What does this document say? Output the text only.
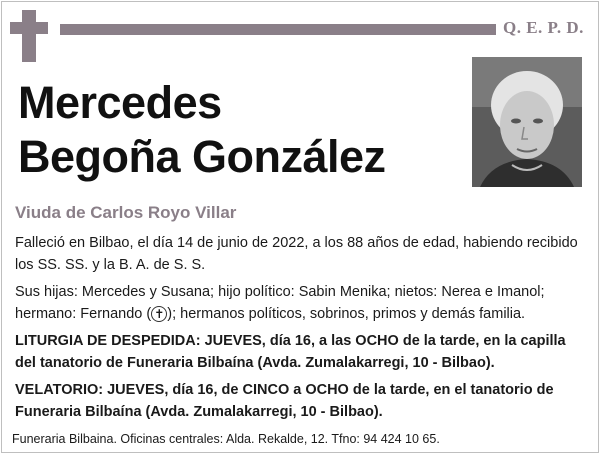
Q. E. P. D.
Mercedes
Begoña González
Viuda de Carlos Royo Villar
Falleció en Bilbao, el día 14 de junio de 2022, a los 88 años de edad, habiendo recibido los SS. SS. y la B. A. de S. S.
Sus hijas: Mercedes y Susana; hijo político: Sabin Menika; nietos: Nerea e Imanol; hermano: Fernando ( ✝ ); hermanos políticos, sobrinos, primos y demás familia.
LITURGIA DE DESPEDIDA: JUEVES, día 16, a las OCHO de la tarde, en la capilla del tanatorio de Funeraria Bilbaína (Avda. Zumalakarregi, 10 - Bilbao).
VELATORIO: JUEVES, día 16, de CINCO a OCHO de la tarde, en el tanatorio de Funeraria Bilbaína (Avda. Zumalakarregi, 10 - Bilbao).
Funeraria Bilbaina. Oficinas centrales: Alda. Rekalde, 12. Tfno: 94 424 10 65.
